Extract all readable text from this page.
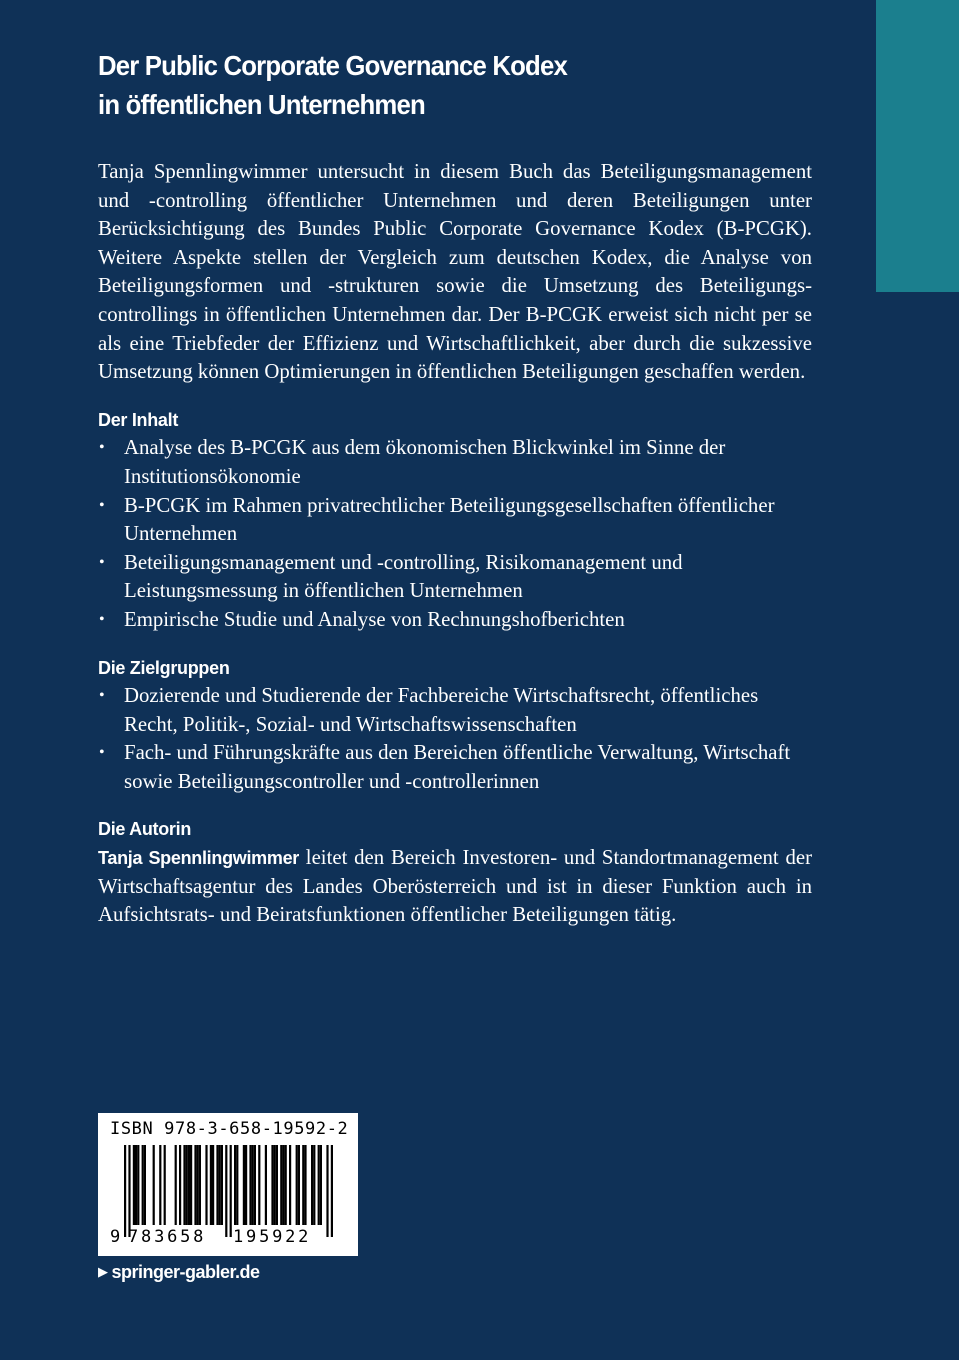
Der Public Corporate Governance Kodex
in öffentlichen Unternehmen

Tanja Spennlingwimmer untersucht in diesem Buch das Beteiligungsmanagement und -controlling öffentlicher Unternehmen und deren Beteiligungen unter Berücksichtigung des Bundes Public Corporate Governance Kodex (B-PCGK). Weitere Aspekte stellen der Vergleich zum deutschen Kodex, die Analyse von Beteiligungsformen und -strukturen sowie die Umsetzung des Beteiligungscontrollings in öffentlichen Unternehmen dar. Der B-PCGK erweist sich nicht per se als eine Triebfeder der Effizienz und Wirtschaftlichkeit, aber durch die sukzessive Umsetzung können Optimierungen in öffentlichen Beteiligungen geschaffen werden.

Der Inhalt
• Analyse des B-PCGK aus dem ökonomischen Blickwinkel im Sinne der Institutionsökonomie
• B-PCGK im Rahmen privatrechtlicher Beteiligungsgesellschaften öffentlicher Unternehmen
• Beteiligungsmanagement und -controlling, Risikomanagement und Leistungsmessung in öffentlichen Unternehmen
• Empirische Studie und Analyse von Rechnungshofberichten
Die Zielgruppen
• Dozierende und Studierende der Fachbereiche Wirtschaftsrecht, öffentliches Recht, Politik-, Sozial- und Wirtschaftswissenschaften
• Fach- und Führungskräfte aus den Bereichen öffentliche Verwaltung, Wirtschaft sowie Beteiligungscontroller und -controllerinnen
Die Autorin

Tanja Spennlingwimmer leitet den Bereich Investoren- und Standortmanagement der Wirtschaftsagentur des Landes Oberösterreich und ist in dieser Funktion auch in Aufsichtsrats- und Beiratsfunktionen öffentlicher Beteiligungen tätig.

ISBN 978-3-658-19592-2
9 783658 195922
▶ springer-gabler.de
